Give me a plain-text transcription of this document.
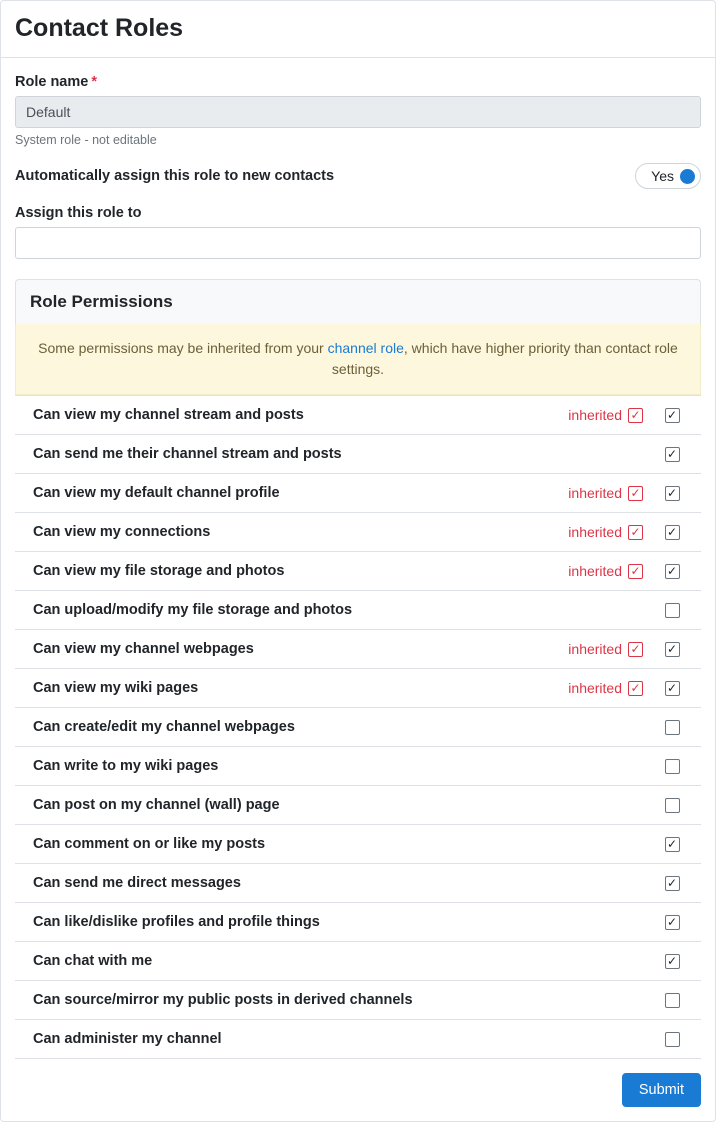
Contact Roles
Role name *
Default
System role - not editable
Automatically assign this role to new contacts	Yes
Assign this role to
Role Permissions
Some permissions may be inherited from your channel role, which have higher priority than contact role settings.
Can view my channel stream and posts	inherited ✓ ✓
Can send me their channel stream and posts	✓
Can view my default channel profile	inherited ✓ ✓
Can view my connections	inherited ✓ ✓
Can view my file storage and photos	inherited ✓ ✓
Can upload/modify my file storage and photos
Can view my channel webpages	inherited ✓ ✓
Can view my wiki pages	inherited ✓ ✓
Can create/edit my channel webpages
Can write to my wiki pages
Can post on my channel (wall) page
Can comment on or like my posts	✓
Can send me direct messages	✓
Can like/dislike profiles and profile things	✓
Can chat with me	✓
Can source/mirror my public posts in derived channels
Can administer my channel
Submit
